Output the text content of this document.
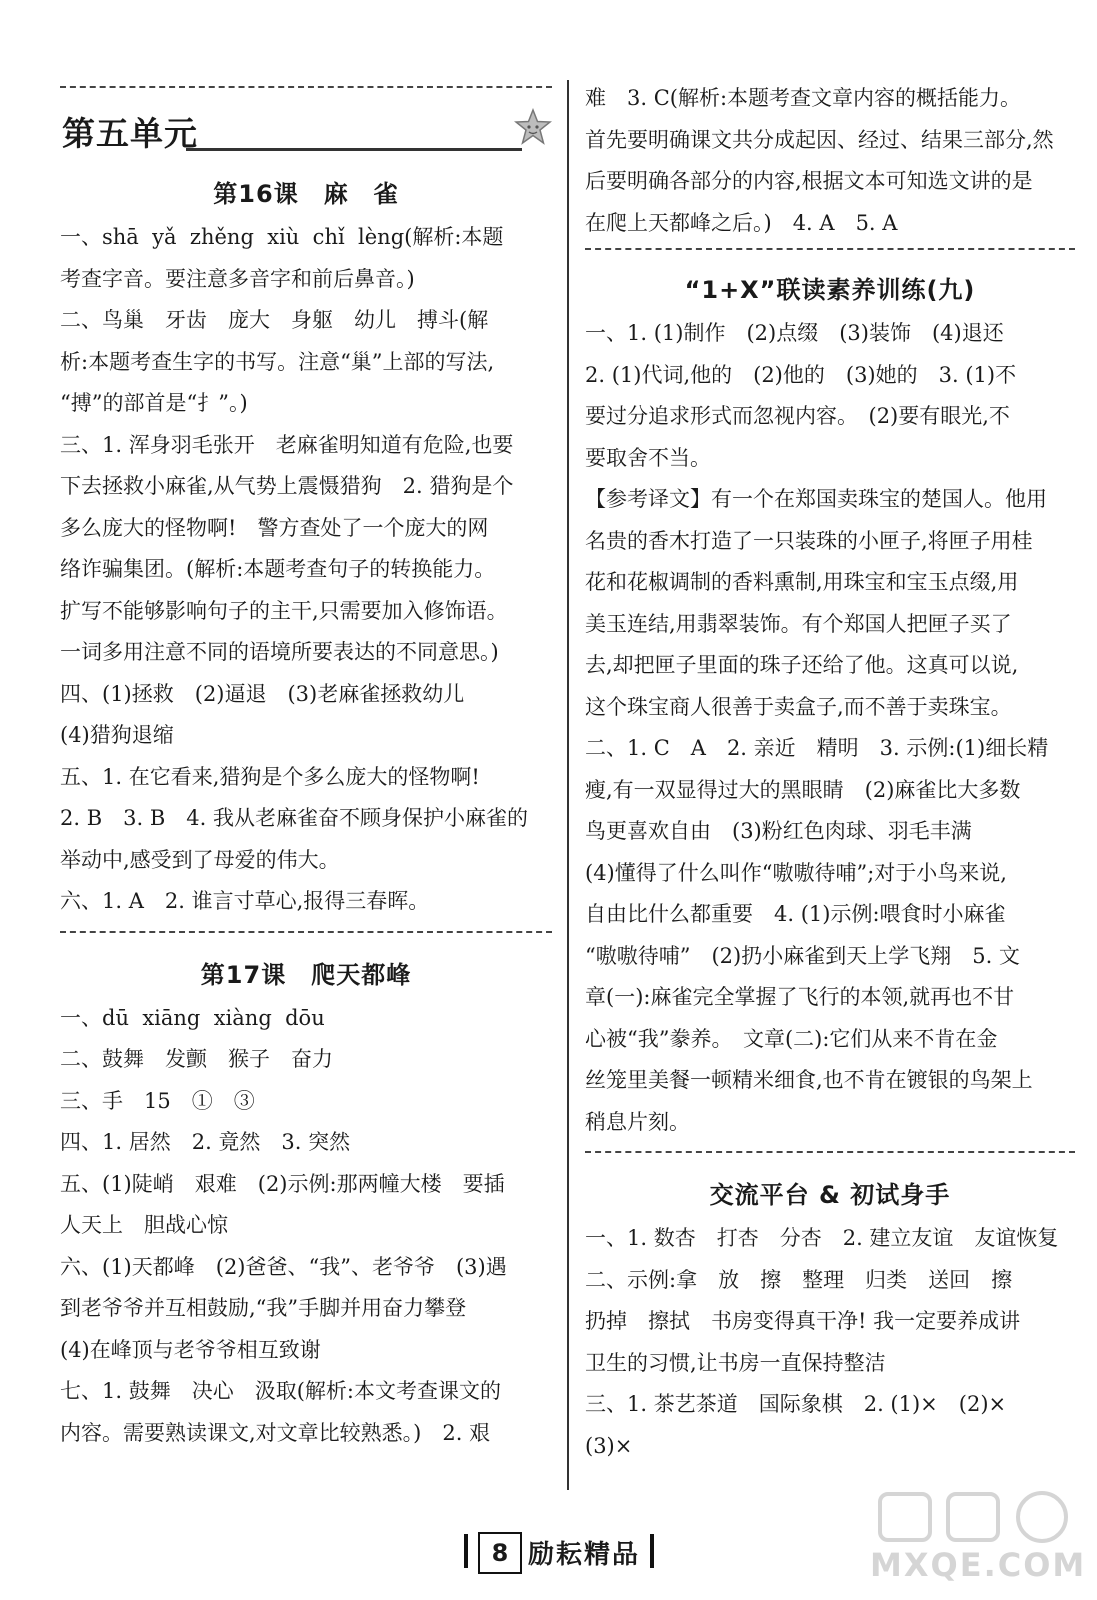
第五单元
第16课　麻　雀
一、shā  yǎ  zhěng  xiù  chǐ  lèng(解析:本题
考查字音。要注意多音字和前后鼻音。)
二、鸟巢　牙齿　庞大　身躯　幼儿　搏斗(解
析:本题考查生字的书写。注意“巢”上部的写法,
“搏”的部首是“扌”。)
三、1. 浑身羽毛张开　老麻雀明知道有危险,也要
下去拯救小麻雀,从气势上震慑猎狗　2. 猎狗是个
多么庞大的怪物啊!　警方查处了一个庞大的网
络诈骗集团。(解析:本题考查句子的转换能力。
扩写不能够影响句子的主干,只需要加入修饰语。
一词多用注意不同的语境所要表达的不同意思。)
四、(1)拯救　(2)逼退　(3)老麻雀拯救幼儿
(4)猎狗退缩
五、1. 在它看来,猎狗是个多么庞大的怪物啊!
2. B　3. B　4. 我从老麻雀奋不顾身保护小麻雀的
举动中,感受到了母爱的伟大。
六、1. A　2. 谁言寸草心,报得三春晖。
第17课　爬天都峰
一、dū  xiāng  xiàng  dōu
二、鼓舞　发颤　猴子　奋力
三、手　15　①　③
四、1. 居然　2. 竟然　3. 突然
五、(1)陡峭　艰难　(2)示例:那两幢大楼　要插
人天上　胆战心惊
六、(1)天都峰　(2)爸爸、“我”、老爷爷　(3)遇
到老爷爷并互相鼓励,“我”手脚并用奋力攀登
(4)在峰顶与老爷爷相互致谢
七、1. 鼓舞　决心　汲取(解析:本文考查课文的
内容。需要熟读课文,对文章比较熟悉。)　2. 艰
难　3. C(解析:本题考查文章内容的概括能力。
首先要明确课文共分成起因、经过、结果三部分,然
后要明确各部分的内容,根据文本可知选文讲的是
在爬上天都峰之后。)　4. A　5. A
“1+X”联读素养训练(九)
一、1. (1)制作　(2)点缀　(3)装饰　(4)退还
2. (1)代词,他的　(2)他的　(3)她的　3. (1)不
要过分追求形式而忽视内容。　(2)要有眼光,不
要取舍不当。
【参考译文】有一个在郑国卖珠宝的楚国人。他用
名贵的香木打造了一只装珠的小匣子,将匣子用桂
花和花椒调制的香料熏制,用珠宝和宝玉点缀,用
美玉连结,用翡翠装饰。有个郑国人把匣子买了
去,却把匣子里面的珠子还给了他。这真可以说,
这个珠宝商人很善于卖盒子,而不善于卖珠宝。
二、1. C　A　2. 亲近　精明　3. 示例:(1)细长精
瘦,有一双显得过大的黑眼睛　(2)麻雀比大多数
鸟更喜欢自由　(3)粉红色肉球、羽毛丰满
(4)懂得了什么叫作“嗷嗷待哺”;对于小鸟来说,
自由比什么都重要　4. (1)示例:喂食时小麻雀
“嗷嗷待哺”　(2)扔小麻雀到天上学飞翔　5. 文
章(一):麻雀完全掌握了飞行的本领,就再也不甘
心被“我”豢养。　文章(二):它们从来不肯在金
丝笼里美餐一顿精米细食,也不肯在镀银的鸟架上
稍息片刻。
交流平台 & 初试身手
一、1. 数杏　打杏　分杏　2. 建立友谊　友谊恢复
二、示例:拿　放　擦　整理　归类　送回　擦
扔掉　擦拭　书房变得真干净! 我一定要养成讲
卫生的习惯,让书房一直保持整洁
三、1. 茶艺茶道　国际象棋　2. (1)×　(2)×
(3)×
8 励耘精品	MXQE.COM
